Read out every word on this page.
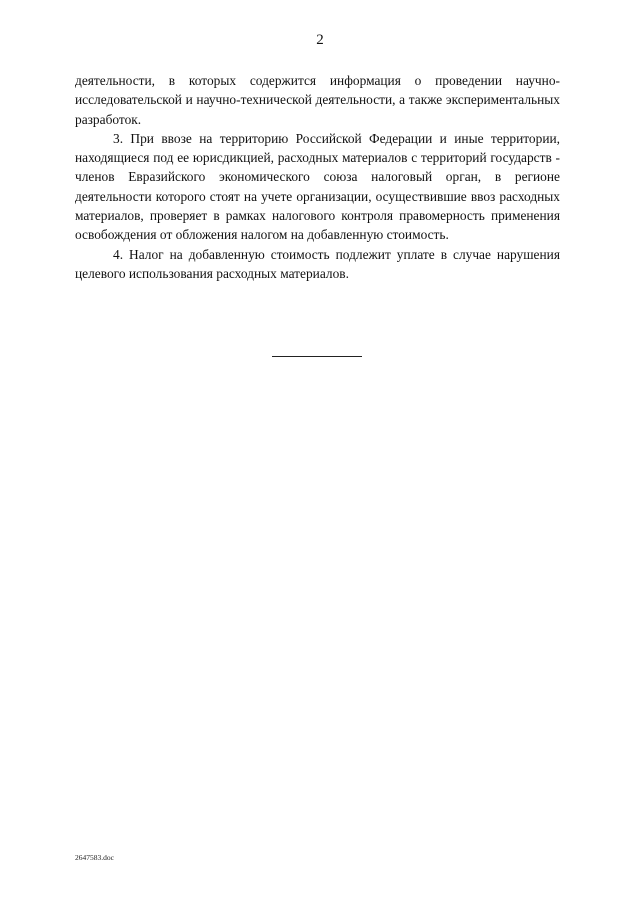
2

деятельности, в которых содержится информация о проведении научно-исследовательской и научно-технической деятельности, а также экспериментальных разработок.

3. При ввозе на территорию Российской Федерации и иные территории, находящиеся под ее юрисдикцией, расходных материалов с территорий государств - членов Евразийского экономического союза налоговый орган, в регионе деятельности которого стоят на учете организации, осуществившие ввоз расходных материалов, проверяет в рамках налогового контроля правомерность применения освобождения от обложения налогом на добавленную стоимость.

4. Налог на добавленную стоимость подлежит уплате в случае нарушения целевого использования расходных материалов.

2647583.doc
